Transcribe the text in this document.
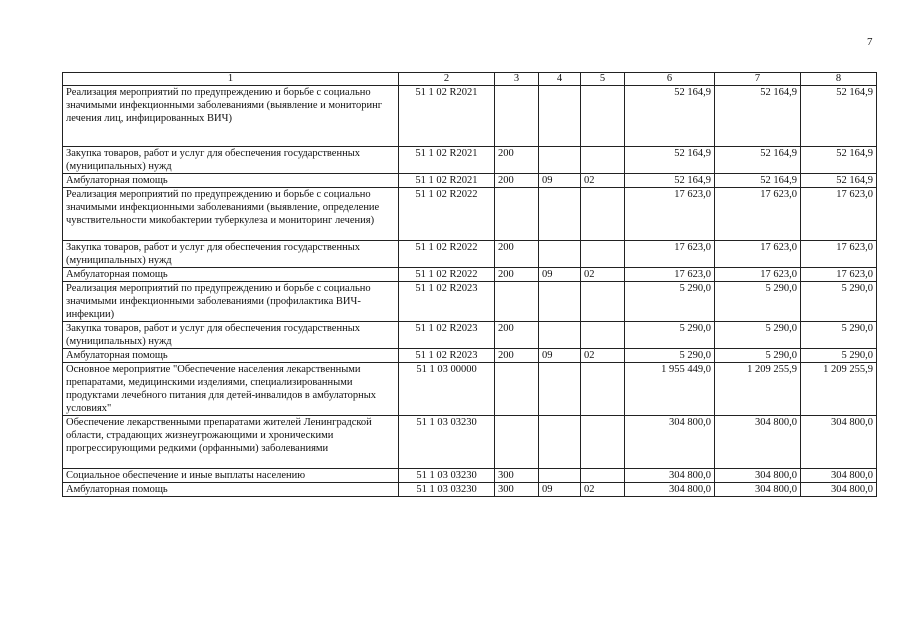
7
1	2	3	4	5	6	7	8
Реализация мероприятий по предупреждению и борьбе с социально значимыми инфекционными заболеваниями (выявление и мониторинг лечения лиц, инфицированных ВИЧ)	51 1 02 R2021				52 164,9	52 164,9	52 164,9
Закупка товаров, работ и услуг для обеспечения государственных (муниципальных) нужд	51 1 02 R2021	200			52 164,9	52 164,9	52 164,9
Амбулаторная помощь	51 1 02 R2021	200	09	02	52 164,9	52 164,9	52 164,9
Реализация мероприятий по предупреждению и борьбе с социально значимыми инфекционными заболеваниями (выявление, определение чувствительности микобактерии туберкулеза и мониторинг лечения)	51 1 02 R2022				17 623,0	17 623,0	17 623,0
Закупка товаров, работ и услуг для обеспечения государственных (муниципальных) нужд	51 1 02 R2022	200			17 623,0	17 623,0	17 623,0
Амбулаторная помощь	51 1 02 R2022	200	09	02	17 623,0	17 623,0	17 623,0
Реализация мероприятий по предупреждению и борьбе с социально значимыми инфекционными заболеваниями (профилактика ВИЧ-инфекции)	51 1 02 R2023				5 290,0	5 290,0	5 290,0
Закупка товаров, работ и услуг для обеспечения государственных (муниципальных) нужд	51 1 02 R2023	200			5 290,0	5 290,0	5 290,0
Амбулаторная помощь	51 1 02 R2023	200	09	02	5 290,0	5 290,0	5 290,0
Основное мероприятие "Обеспечение населения лекарственными препаратами, медицинскими изделиями, специализированными продуктами лечебного питания для детей-инвалидов в амбулаторных условиях"	51 1 03 00000				1 955 449,0	1 209 255,9	1 209 255,9
Обеспечение лекарственными препаратами жителей Ленинградской области, страдающих жизнеугрожающими и хроническими прогрессирующими редкими (орфанными) заболеваниями	51 1 03 03230				304 800,0	304 800,0	304 800,0
Социальное обеспечение и иные выплаты населению	51 1 03 03230	300			304 800,0	304 800,0	304 800,0
Амбулаторная помощь	51 1 03 03230	300	09	02	304 800,0	304 800,0	304 800,0
